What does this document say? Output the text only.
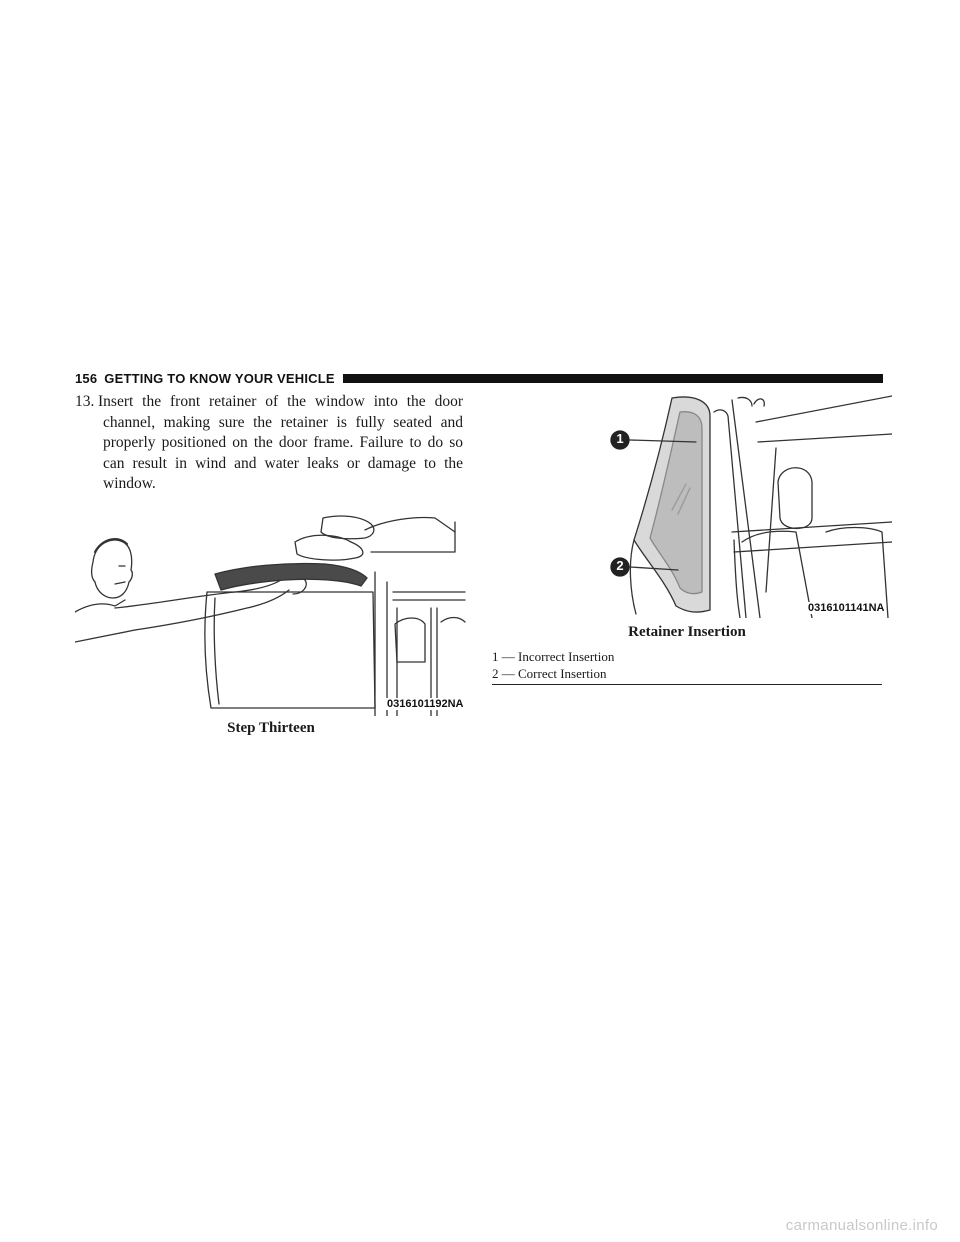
156 GETTING TO KNOW YOUR VEHICLE
13. Insert the front retainer of the window into the door channel, making sure the retainer is fully seated and properly positioned on the door frame. Failure to do so can result in wind and water leaks or damage to the window.
0316101192NA
Step Thirteen
1
2
0316101141NA
Retainer Insertion
1 — Incorrect Insertion
2 — Correct Insertion
carmanualsonline.info
